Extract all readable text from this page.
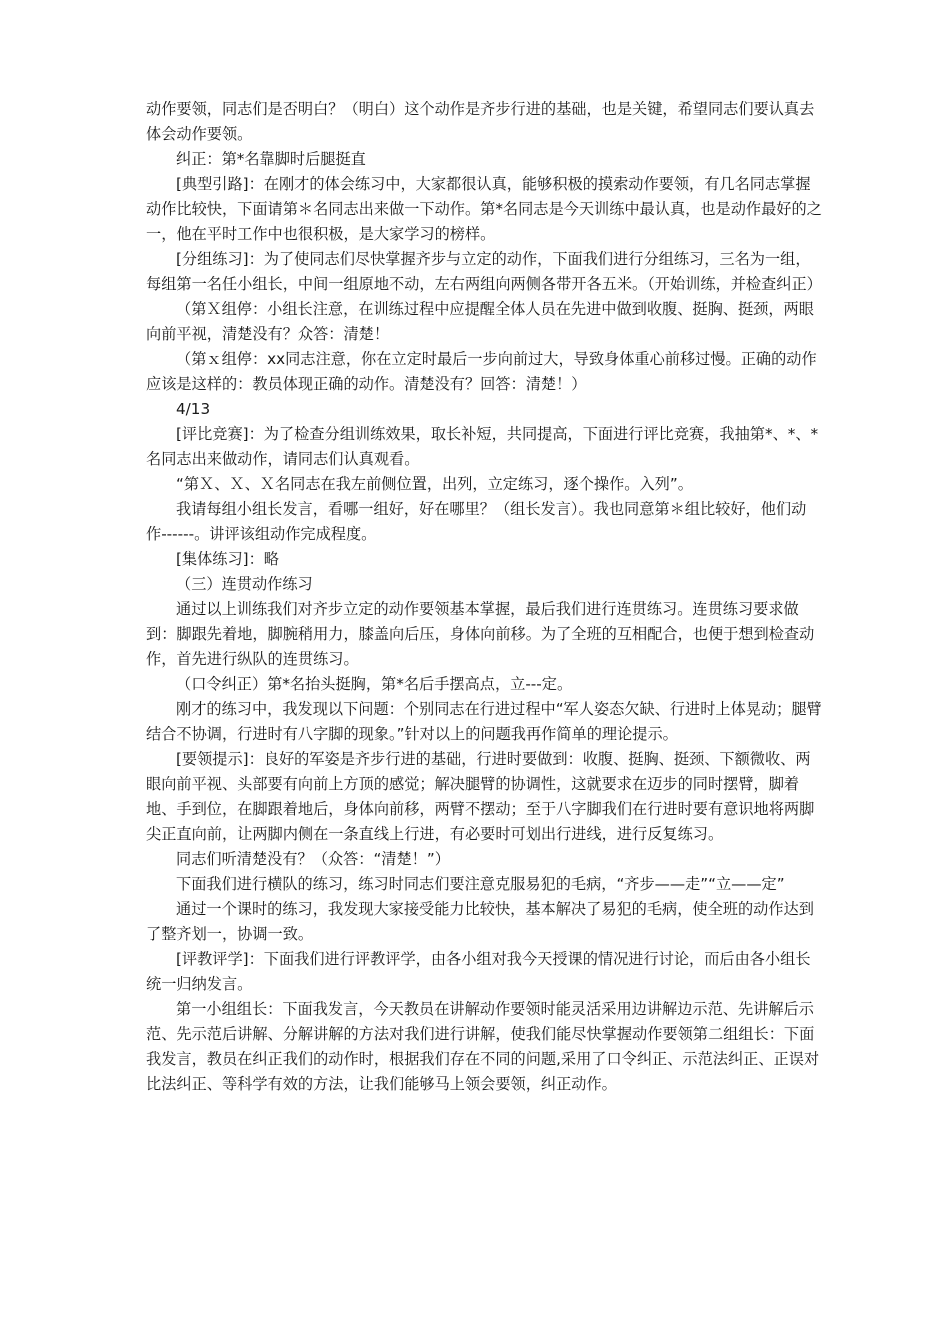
动作要领，同志们是否明白？（明白）这个动作是齐步行进的基础，也是关键，希望同志们要认真去体会动作要领。

纠正：第*名靠脚时后腿挺直

[典型引路]：在刚才的体会练习中，大家都很认真，能够积极的摸索动作要领，有几名同志掌握动作比较快，下面请第＊名同志出来做一下动作。第*名同志是今天训练中最认真，也是动作最好的之一，他在平时工作中也很积极，是大家学习的榜样。

[分组练习]：为了使同志们尽快掌握齐步与立定的动作，下面我们进行分组练习，三名为一组，每组第一名任小组长，中间一组原地不动，左右两组向两侧各带开各五米。（开始训练，并检查纠正）

（第Ｘ组停：小组长注意，在训练过程中应提醒全体人员在先进中做到收腹、挺胸、挺颈，两眼向前平视，清楚没有？众答：清楚！

（第ｘ组停：xx同志注意，你在立定时最后一步向前过大，导致身体重心前移过慢。正确的动作应该是这样的：教员体现正确的动作。清楚没有？回答：清楚！）

4/13

[评比竞赛]：为了检查分组训练效果，取长补短，共同提高，下面进行评比竞赛，我抽第*、*、*名同志出来做动作，请同志们认真观看。

“第Ｘ、Ｘ、Ｘ名同志在我左前侧位置，出列，立定练习，逐个操作。入列”。

我请每组小组长发言，看哪一组好，好在哪里？（组长发言）。我也同意第＊组比较好，他们动作------。讲评该组动作完成程度。

[集体练习]：略

（三）连贯动作练习

通过以上训练我们对齐步立定的动作要领基本掌握，最后我们进行连贯练习。连贯练习要求做到：脚跟先着地，脚腕稍用力，膝盖向后压，身体向前移。为了全班的互相配合，也便于想到检查动作，首先进行纵队的连贯练习。

（口令纠正）第*名抬头挺胸，第*名后手摆高点，立---定。

刚才的练习中，我发现以下问题：个别同志在行进过程中“军人姿态欠缺、行进时上体晃动；腿臂结合不协调，行进时有八字脚的现象。”针对以上的问题我再作简单的理论提示。

[要领提示]：良好的军姿是齐步行进的基础，行进时要做到：收腹、挺胸、挺颈、下额微收、两眼向前平视、头部要有向前上方顶的感觉；解决腿臂的协调性，这就要求在迈步的同时摆臂，脚着地、手到位，在脚跟着地后，身体向前移，两臂不摆动；至于八字脚我们在行进时要有意识地将两脚尖正直向前，让两脚内侧在一条直线上行进，有必要时可划出行进线，进行反复练习。

同志们听清楚没有？（众答：“清楚！”）

下面我们进行横队的练习，练习时同志们要注意克服易犯的毛病，“齐步——走”“立——定”

通过一个课时的练习，我发现大家接受能力比较快，基本解决了易犯的毛病，使全班的动作达到了整齐划一，协调一致。

[评教评学]：下面我们进行评教评学，由各小组对我今天授课的情况进行讨论，而后由各小组长统一归纳发言。

第一小组组长：下面我发言，今天教员在讲解动作要领时能灵活采用边讲解边示范、先讲解后示范、先示范后讲解、分解讲解的方法对我们进行讲解，使我们能尽快掌握动作要领第二组组长：下面我发言，教员在纠正我们的动作时，根据我们存在不同的问题,采用了口令纠正、示范法纠正、正误对比法纠正、等科学有效的方法，让我们能够马上领会要领，纠正动作。
